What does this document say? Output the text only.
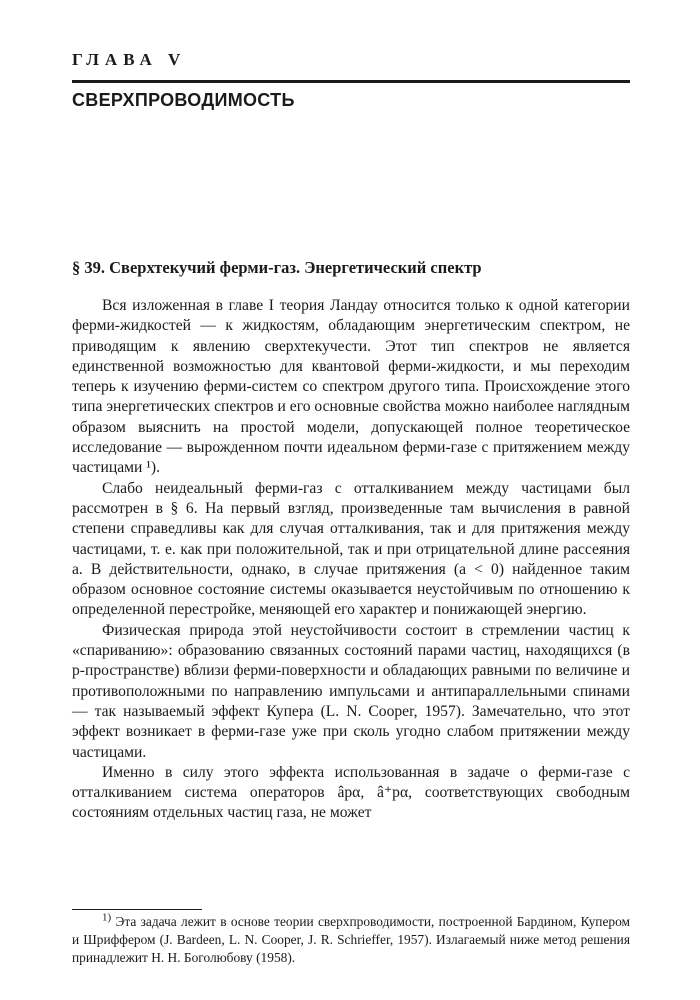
ГЛАВА V
СВЕРХПРОВОДИМОСТЬ
§ 39. Сверхтекучий ферми-газ. Энергетический спектр

Вся изложенная в главе I теория Ландау относится только к одной категории ферми-жидкостей — к жидкостям, обладающим энергетическим спектром, не приводящим к явлению сверхтекучести. Этот тип спектров не является единственной возможностью для квантовой ферми-жидкости, и мы переходим теперь к изучению ферми-систем со спектром другого типа. Происхождение этого типа энергетических спектров и его основные свойства можно наиболее наглядным образом выяснить на простой модели, допускающей полное теоретическое исследование — вырожденном почти идеальном ферми-газе с притяжением между частицами ¹).

Слабо неидеальный ферми-газ с отталкиванием между частицами был рассмотрен в § 6. На первый взгляд, произведенные там вычисления в равной степени справедливы как для случая отталкивания, так и для притяжения между частицами, т. е. как при положительной, так и при отрицательной длине рассеяния a. В действительности, однако, в случае притяжения (a < 0) найденное таким образом основное состояние системы оказывается неустойчивым по отношению к определенной перестройке, меняющей его характер и понижающей энергию.

Физическая природа этой неустойчивости состоит в стремлении частиц к «спариванию»: образованию связанных состояний парами частиц, находящихся (в p-пространстве) вблизи ферми-поверхности и обладающих равными по величине и противоположными по направлению импульсами и антипараллельными спинами — так называемый эффект Купера (L. N. Cooper, 1957). Замечательно, что этот эффект возникает в ферми-газе уже при сколь угодно слабом притяжении между частицами.

Именно в силу этого эффекта использованная в задаче о ферми-газе с отталкиванием система операторов âpα, â⁺pα, соответствующих свободным состояниям отдельных частиц газа, не может

$^{1)}$ Эта задача лежит в основе теории сверхпроводимости, построенной Бардином, Купером и Шриффером (J. Bardeen, L. N. Cooper, J. R. Schrieffer, 1957). Излагаемый ниже метод решения принадлежит Н. Н. Боголюбову (1958).
